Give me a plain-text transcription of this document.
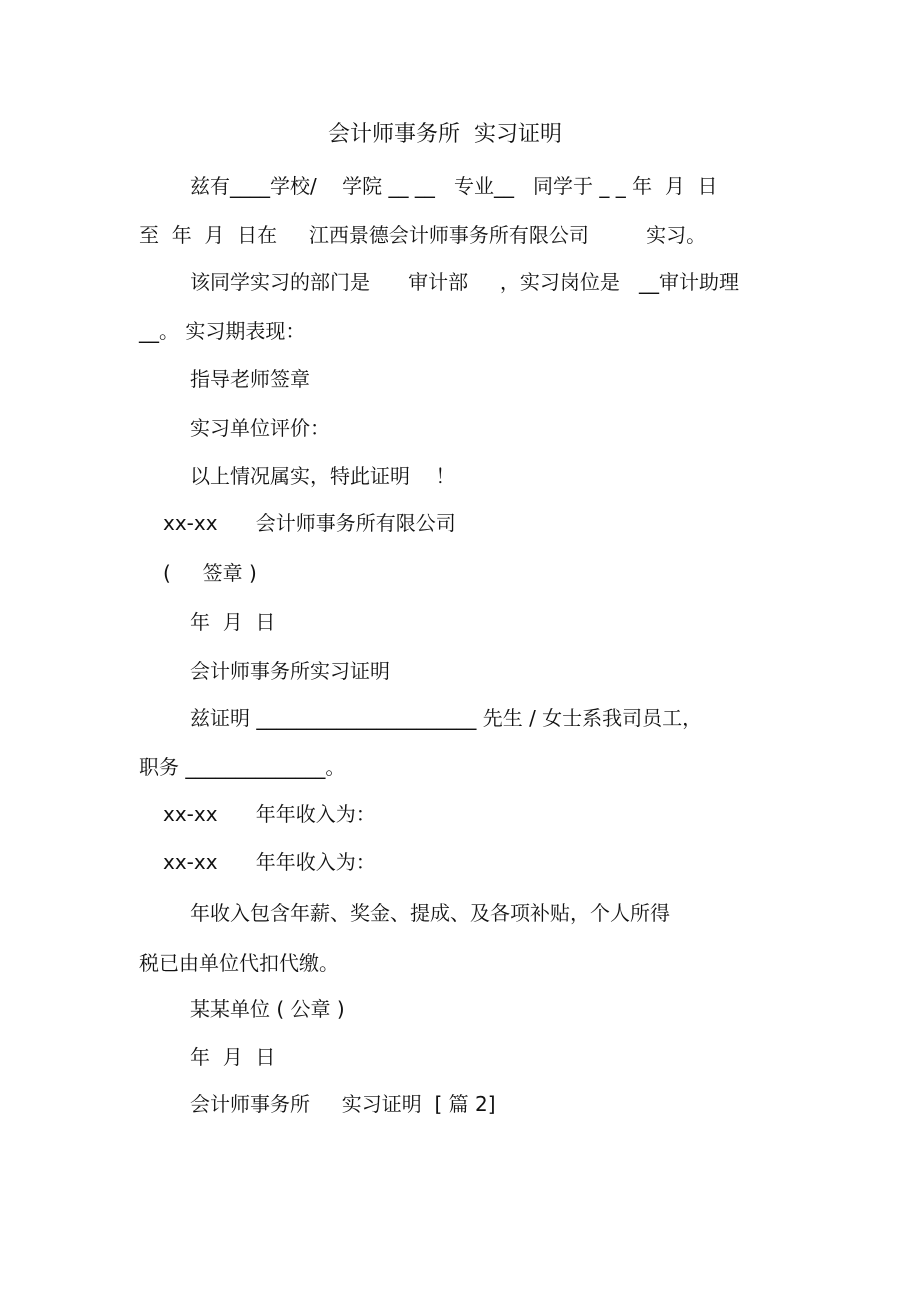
会计师事务所  实习证明
兹有____学校/    学院 __ __   专业__   同学于 _ _ 年  月  日
至  年  月  日在     江西景德会计师事务所有限公司         实习。
该同学实习的部门是      审计部     ，实习岗位是   __审计助理
__。 实习期表现：
指导老师签章
实习单位评价：
以上情况属实，特此证明    ！
xx-xx      会计师事务所有限公司
(     签章 )
年  月  日
会计师事务所实习证明
兹证明 ______________________ 先生 / 女士系我司员工，
职务 ______________。
xx-xx      年年收入为：
xx-xx      年年收入为：
年收入包含年薪、奖金、提成、及各项补贴，个人所得
税已由单位代扣代缴。
某某单位 ( 公章 )
年  月  日
会计师事务所     实习证明  [ 篇 2]
